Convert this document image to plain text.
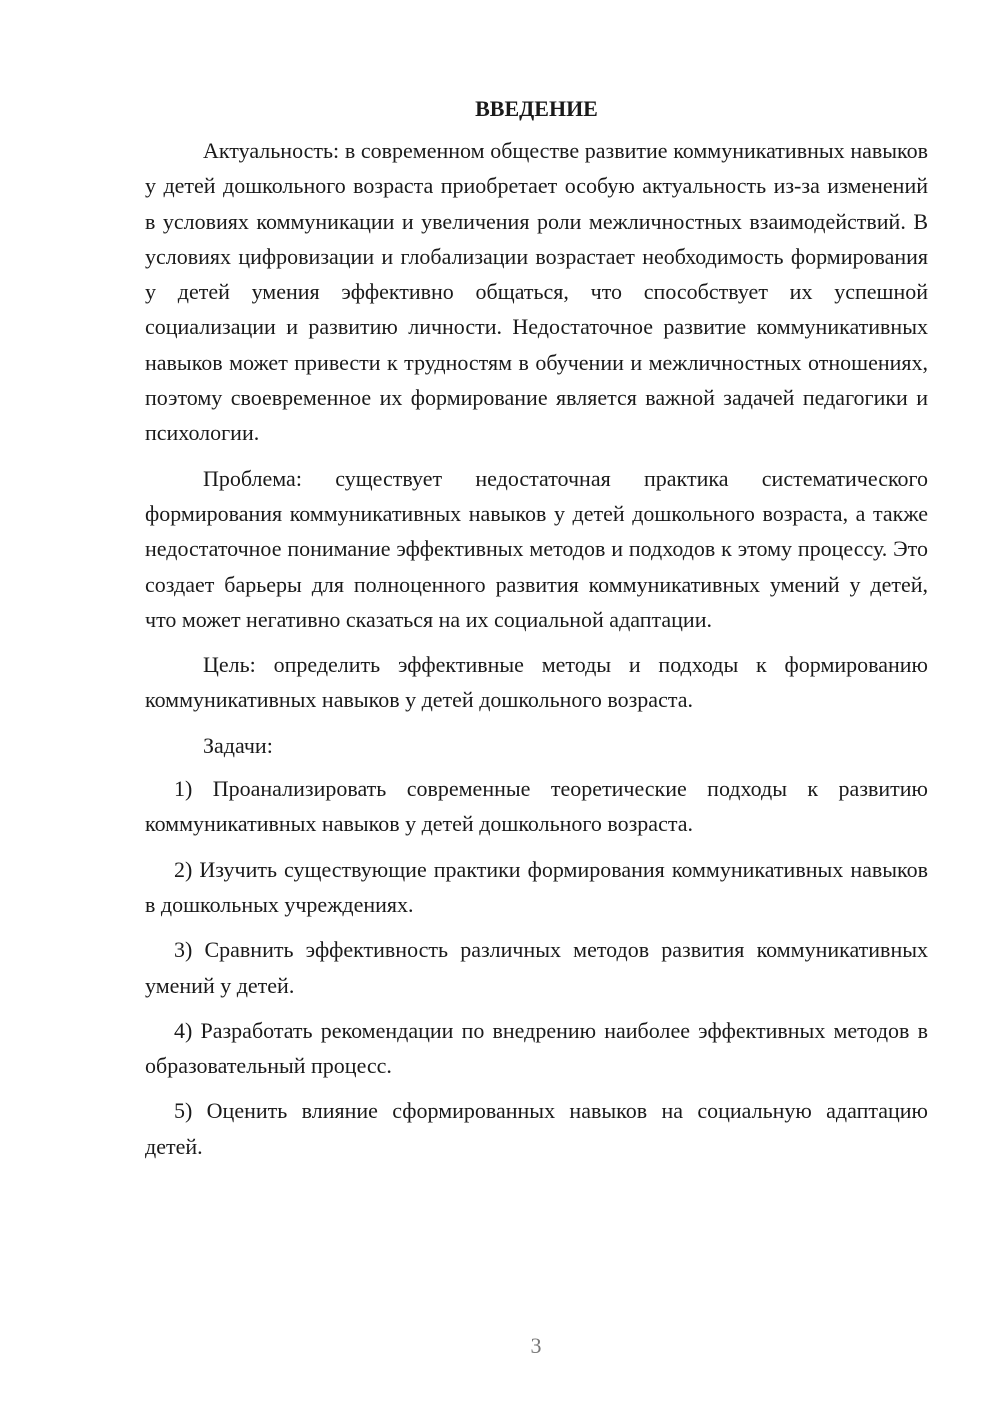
ВВЕДЕНИЕ

Актуальность: в современном обществе развитие коммуникативных навыков у детей дошкольного возраста приобретает особую актуальность из-за изменений в условиях коммуникации и увеличения роли межличностных взаимодействий. В условиях цифровизации и глобализации возрастает необходимость формирования у детей умения эффективно общаться, что способствует их успешной социализации и развитию личности. Недостаточное развитие коммуникативных навыков может привести к трудностям в обучении и межличностных отношениях, поэтому своевременное их формирование является важной задачей педагогики и психологии.

Проблема: существует недостаточная практика систематического формирования коммуникативных навыков у детей дошкольного возраста, а также недостаточное понимание эффективных методов и подходов к этому процессу. Это создает барьеры для полноценного развития коммуникативных умений у детей, что может негативно сказаться на их социальной адаптации.

Цель: определить эффективные методы и подходы к формированию коммуникативных навыков у детей дошкольного возраста.

Задачи:

1) Проанализировать современные теоретические подходы к развитию коммуникативных навыков у детей дошкольного возраста.

2) Изучить существующие практики формирования коммуникативных навыков в дошкольных учреждениях.

3) Сравнить эффективность различных методов развития коммуникативных умений у детей.

4) Разработать рекомендации по внедрению наиболее эффективных методов в образовательный процесс.

5) Оценить влияние сформированных навыков на социальную адаптацию детей.

3
